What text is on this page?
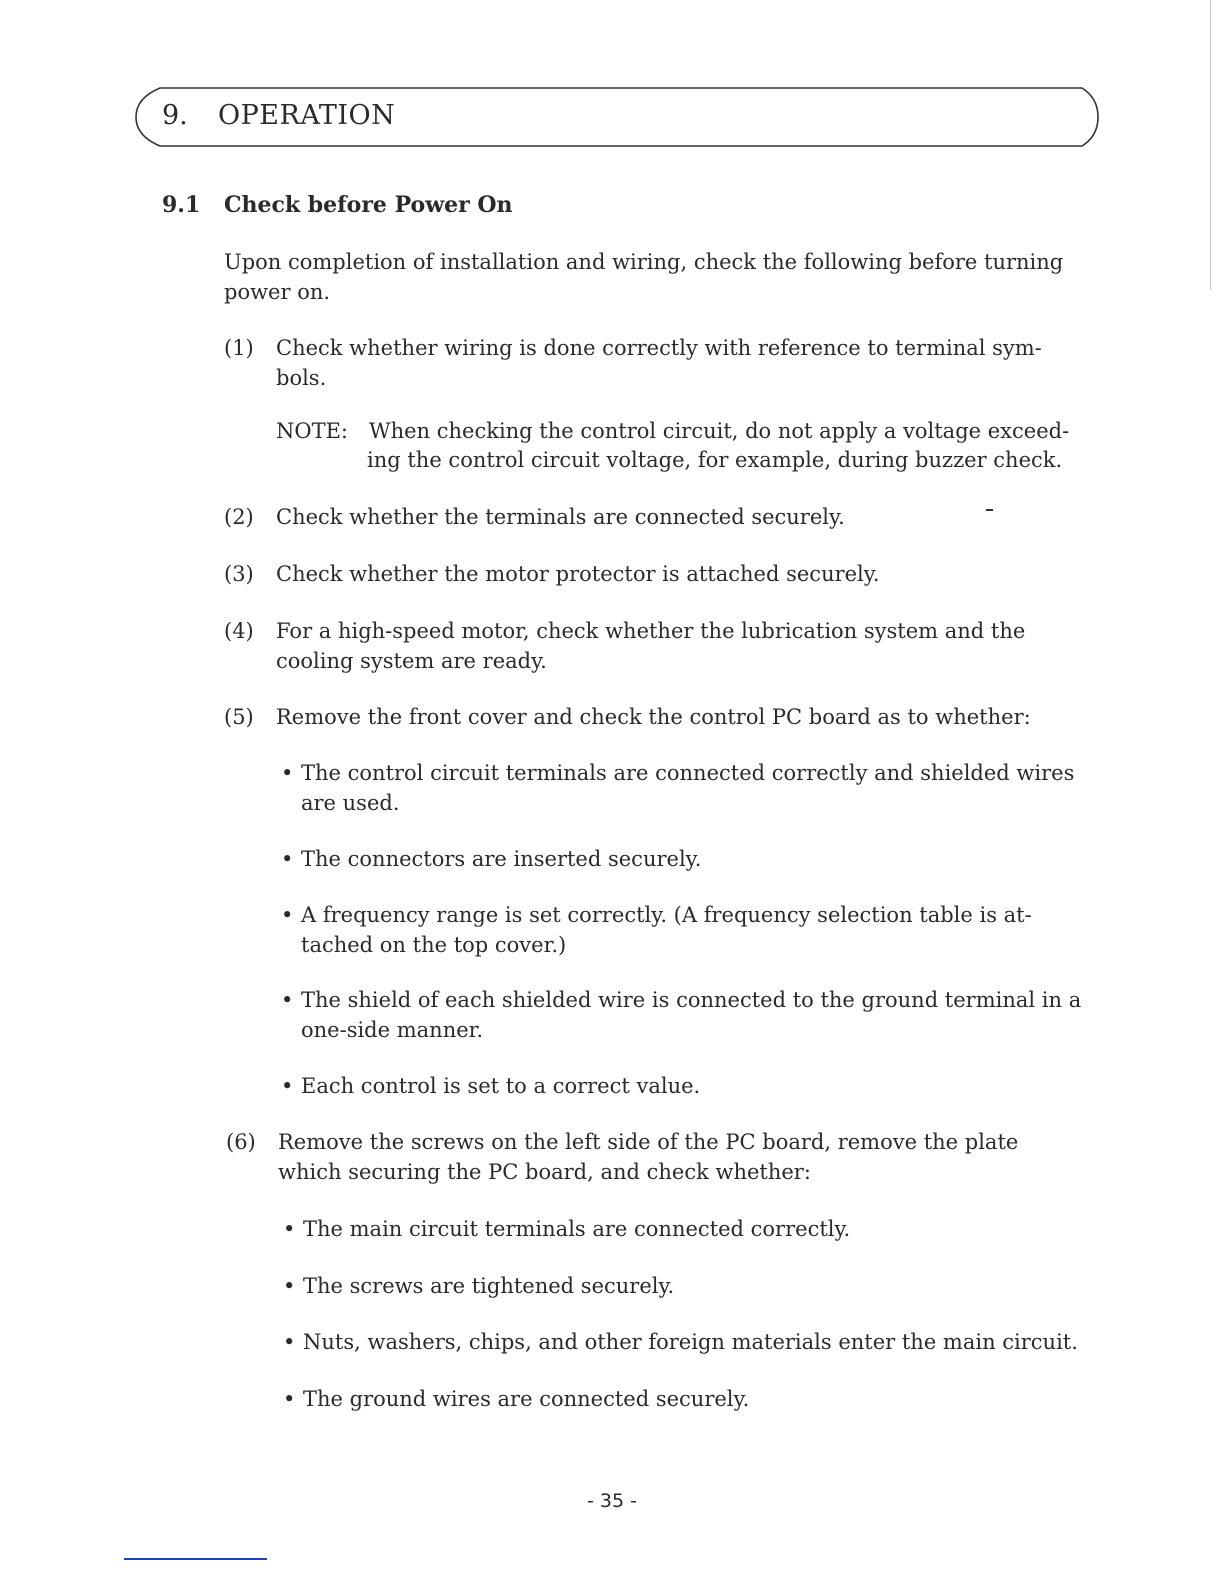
9. OPERATION
9.1 Check before Power On
Upon completion of installation and wiring, check the following before turning
power on.
(1) Check whether wiring is done correctly with reference to terminal sym-
bols.
NOTE: When checking the control circuit, do not apply a voltage exceed-
ing the control circuit voltage, for example, during buzzer check.
(2) Check whether the terminals are connected securely.
(3) Check whether the motor protector is attached securely.
(4) For a high-speed motor, check whether the lubrication system and the
cooling system are ready.
(5) Remove the front cover and check the control PC board as to whether:
• The control circuit terminals are connected correctly and shielded wires
are used.
• The connectors are inserted securely.
• A frequency range is set correctly. (A frequency selection table is at-
tached on the top cover.)
• The shield of each shielded wire is connected to the ground terminal in a
one-side manner.
• Each control is set to a correct value.
(6) Remove the screws on the left side of the PC board, remove the plate
which securing the PC board, and check whether:
• The main circuit terminals are connected correctly.
• The screws are tightened securely.
• Nuts, washers, chips, and other foreign materials enter the main circuit.
• The ground wires are connected securely.
- 35 -
